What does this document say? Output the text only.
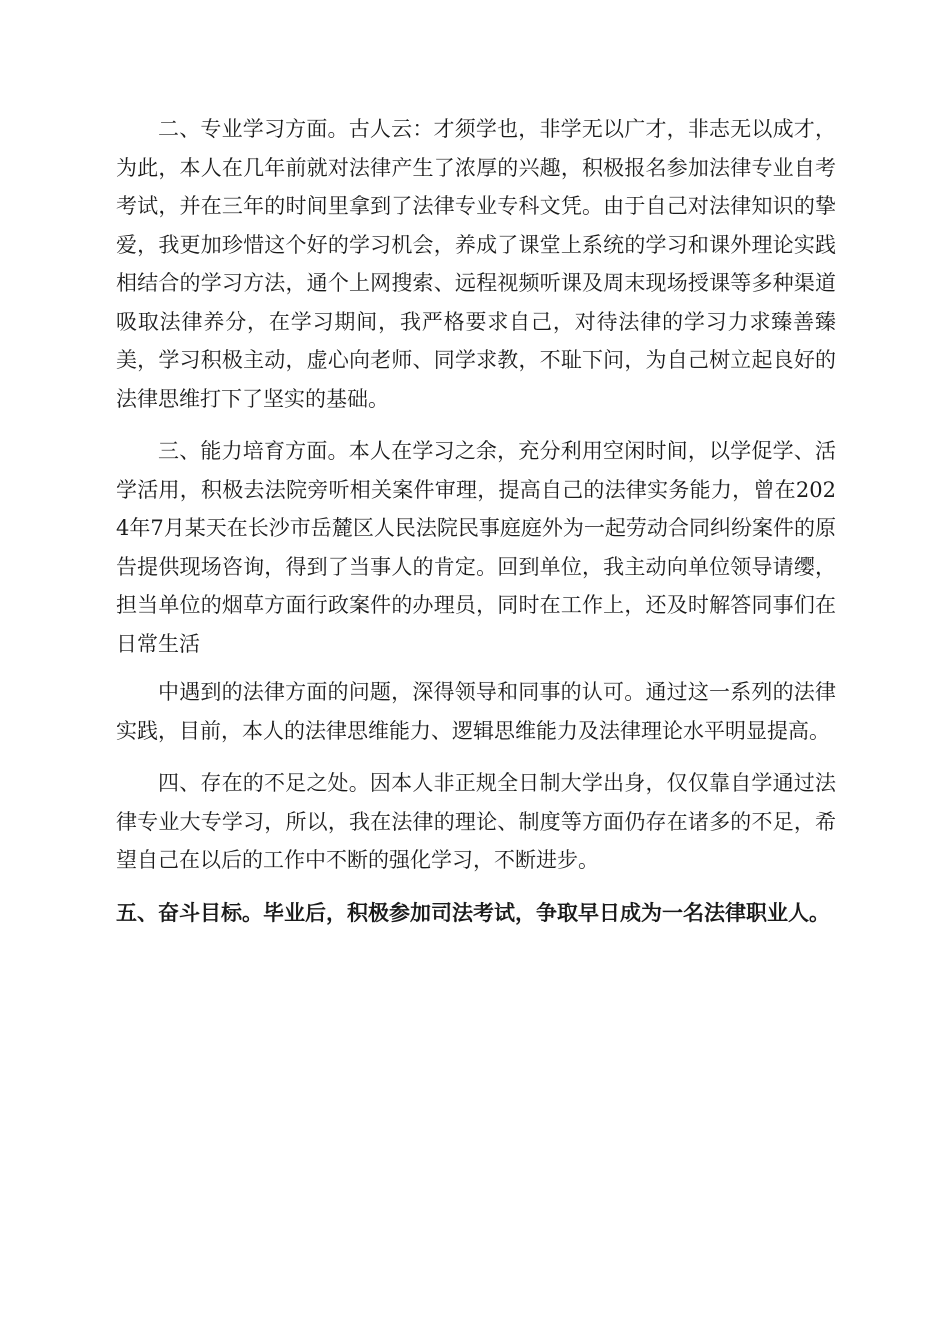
二、专业学习方面。古人云：才须学也，非学无以广才，非志无以成才，为此，本人在几年前就对法律产生了浓厚的兴趣，积极报名参加法律专业自考考试，并在三年的时间里拿到了法律专业专科文凭。由于自己对法律知识的挚爱，我更加珍惜这个好的学习机会，养成了课堂上系统的学习和课外理论实践相结合的学习方法，通个上网搜索、远程视频听课及周末现场授课等多种渠道吸取法律养分，在学习期间，我严格要求自己，对待法律的学习力求臻善臻美，学习积极主动，虚心向老师、同学求教，不耻下问，为自己树立起良好的法律思维打下了坚实的基础。

三、能力培育方面。本人在学习之余，充分利用空闲时间，以学促学、活学活用，积极去法院旁听相关案件审理，提高自己的法律实务能力，曾在2024年7月某天在长沙市岳麓区人民法院民事庭庭外为一起劳动合同纠纷案件的原告提供现场咨询，得到了当事人的肯定。回到单位，我主动向单位领导请缨，担当单位的烟草方面行政案件的办理员，同时在工作上，还及时解答同事们在日常生活

中遇到的法律方面的问题，深得领导和同事的认可。通过这一系列的法律实践，目前，本人的法律思维能力、逻辑思维能力及法律理论水平明显提高。

四、存在的不足之处。因本人非正规全日制大学出身，仅仅靠自学通过法律专业大专学习，所以，我在法律的理论、制度等方面仍存在诸多的不足，希望自己在以后的工作中不断的强化学习，不断进步。

五、奋斗目标。毕业后，积极参加司法考试，争取早日成为一名法律职业人。
